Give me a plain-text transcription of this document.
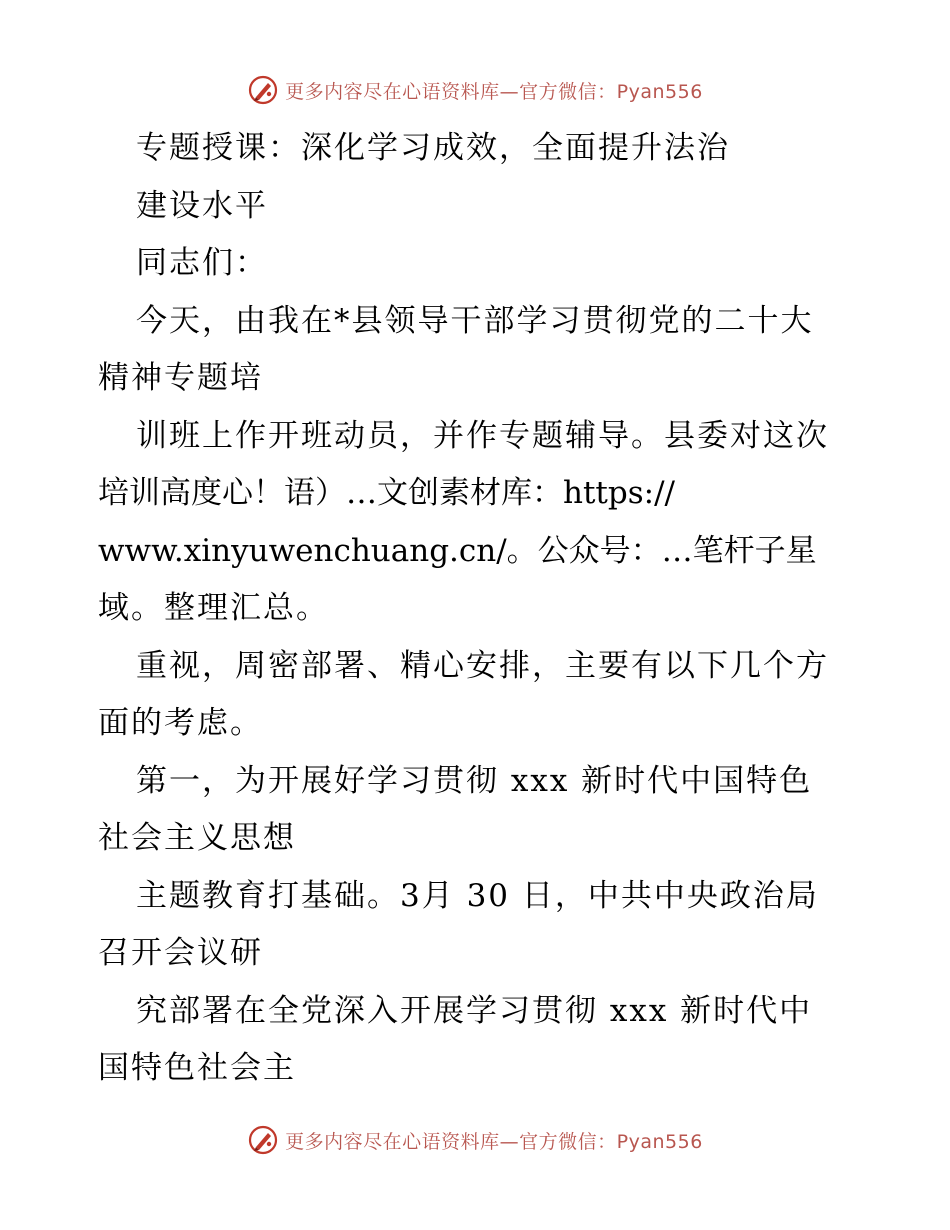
更多内容尽在心语资料库—官方微信：Pyan556
专题授课：深化学习成效，全面提升法治
建设水平
同志们：
今天，由我在*县领导干部学习贯彻党的二十大
精神专题培
训班上作开班动员，并作专题辅导。县委对这次
培训高度心！语）…文创素材库：https://
www.xinyuwenchuang.cn/。公众号：…笔杆子星
域。整理汇总。
重视，周密部署、精心安排，主要有以下几个方
面的考虑。
第一，为开展好学习贯彻 xxx 新时代中国特色
社会主义思想
主题教育打基础。3月 30 日，中共中央政治局
召开会议研
究部署在全党深入开展学习贯彻 xxx 新时代中
国特色社会主
更多内容尽在心语资料库—官方微信：Pyan556
